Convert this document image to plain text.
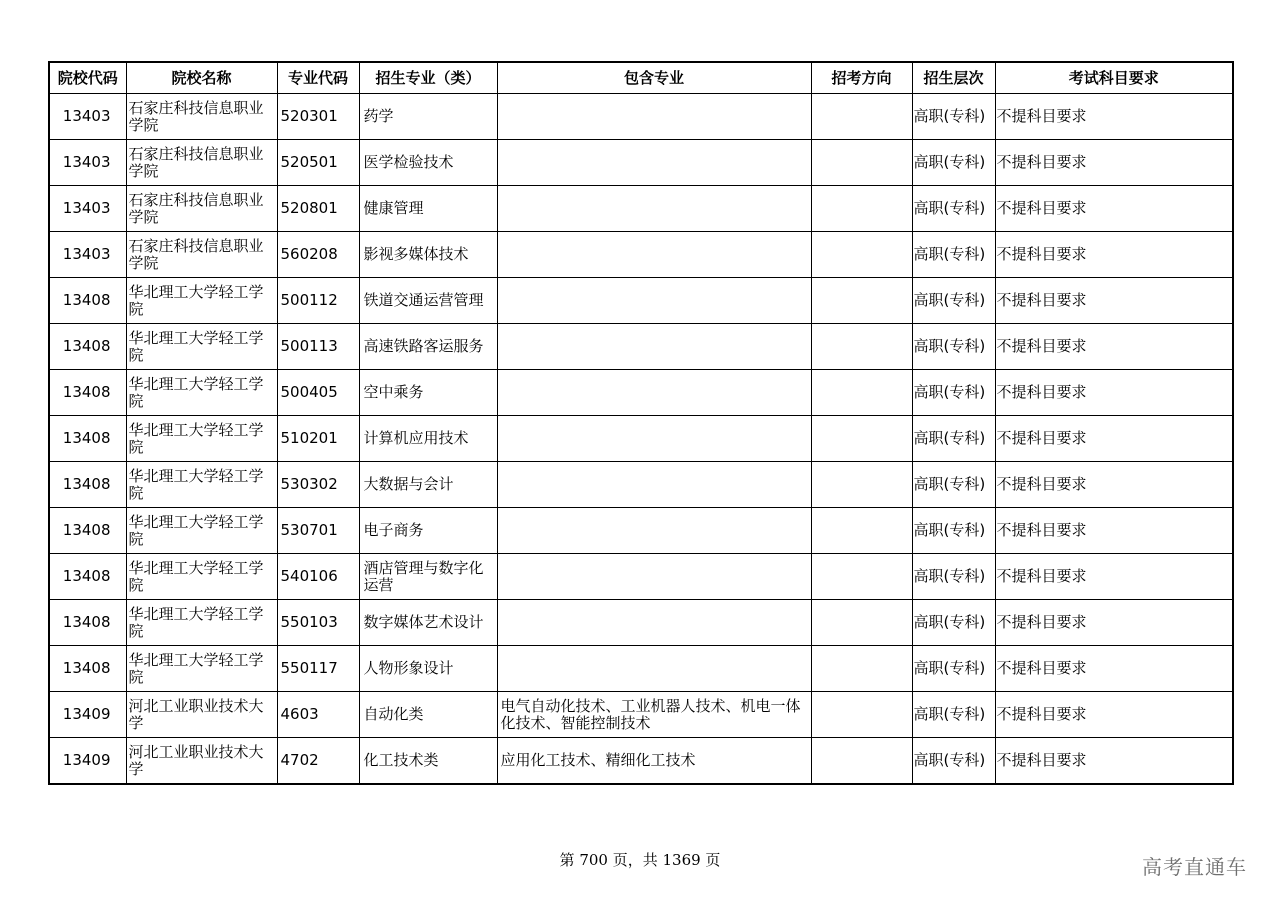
院校代码	院校名称	专业代码	招生专业（类）	包含专业	招考方向	招生层次	考试科目要求
13403	石家庄科技信息职业学院	520301	药学			高职(专科)	不提科目要求
13403	石家庄科技信息职业学院	520501	医学检验技术			高职(专科)	不提科目要求
13403	石家庄科技信息职业学院	520801	健康管理			高职(专科)	不提科目要求
13403	石家庄科技信息职业学院	560208	影视多媒体技术			高职(专科)	不提科目要求
13408	华北理工大学轻工学院	500112	铁道交通运营管理			高职(专科)	不提科目要求
13408	华北理工大学轻工学院	500113	高速铁路客运服务			高职(专科)	不提科目要求
13408	华北理工大学轻工学院	500405	空中乘务			高职(专科)	不提科目要求
13408	华北理工大学轻工学院	510201	计算机应用技术			高职(专科)	不提科目要求
13408	华北理工大学轻工学院	530302	大数据与会计			高职(专科)	不提科目要求
13408	华北理工大学轻工学院	530701	电子商务			高职(专科)	不提科目要求
13408	华北理工大学轻工学院	540106	酒店管理与数字化运营			高职(专科)	不提科目要求
13408	华北理工大学轻工学院	550103	数字媒体艺术设计			高职(专科)	不提科目要求
13408	华北理工大学轻工学院	550117	人物形象设计			高职(专科)	不提科目要求
13409	河北工业职业技术大学	4603	自动化类	电气自动化技术、工业机器人技术、机电一体化技术、智能控制技术		高职(专科)	不提科目要求
13409	河北工业职业技术大学	4702	化工技术类	应用化工技术、精细化工技术		高职(专科)	不提科目要求
第 700 页，共 1369 页	高考直通车
